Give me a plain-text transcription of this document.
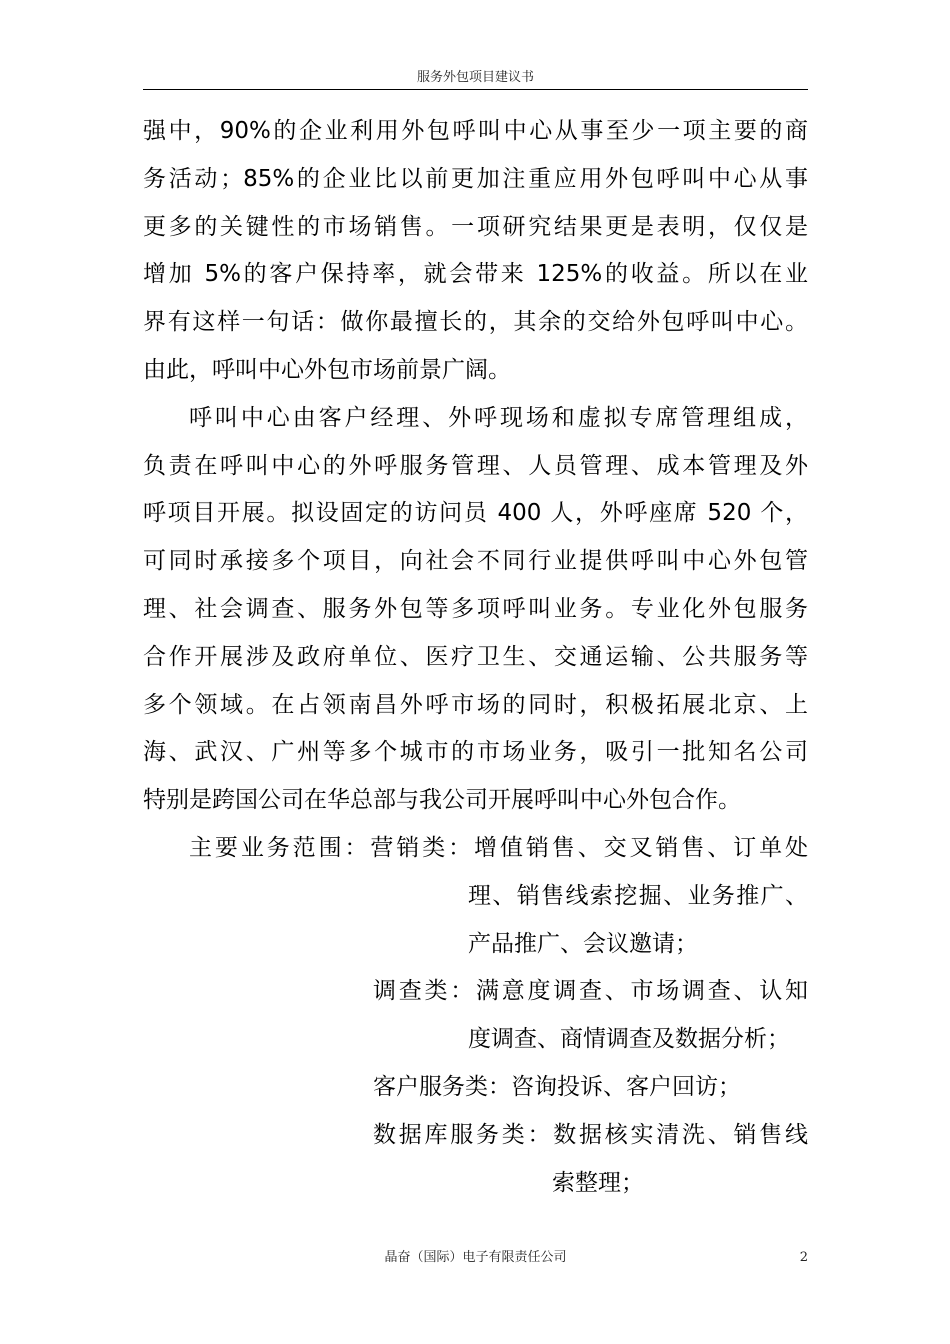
服务外包项目建议书
强中，90%的企业利用外包呼叫中心从事至少一项主要的商
务活动；85%的企业比以前更加注重应用外包呼叫中心从事
更多的关键性的市场销售。一项研究结果更是表明，仅仅是
增加 5%的客户保持率，就会带来 125%的收益。所以在业
界有这样一句话：做你最擅长的，其余的交给外包呼叫中心。
由此，呼叫中心外包市场前景广阔。
呼叫中心由客户经理、外呼现场和虚拟专席管理组成，
负责在呼叫中心的外呼服务管理、人员管理、成本管理及外
呼项目开展。拟设固定的访问员 400 人，外呼座席 520 个，
可同时承接多个项目，向社会不同行业提供呼叫中心外包管
理、社会调查、服务外包等多项呼叫业务。专业化外包服务
合作开展涉及政府单位、医疗卫生、交通运输、公共服务等
多个领域。在占领南昌外呼市场的同时，积极拓展北京、上
海、武汉、广州等多个城市的市场业务，吸引一批知名公司
特别是跨国公司在华总部与我公司开展呼叫中心外包合作。
主要业务范围：营销类：增值销售、交叉销售、订单处
理、销售线索挖掘、业务推广、
产品推广、会议邀请；
调查类：满意度调查、市场调查、认知
度调查、商情调查及数据分析；
客户服务类：咨询投诉、客户回访；
数据库服务类：数据核实清洗、销售线
索整理；
晶奋（国际）电子有限责任公司	2
